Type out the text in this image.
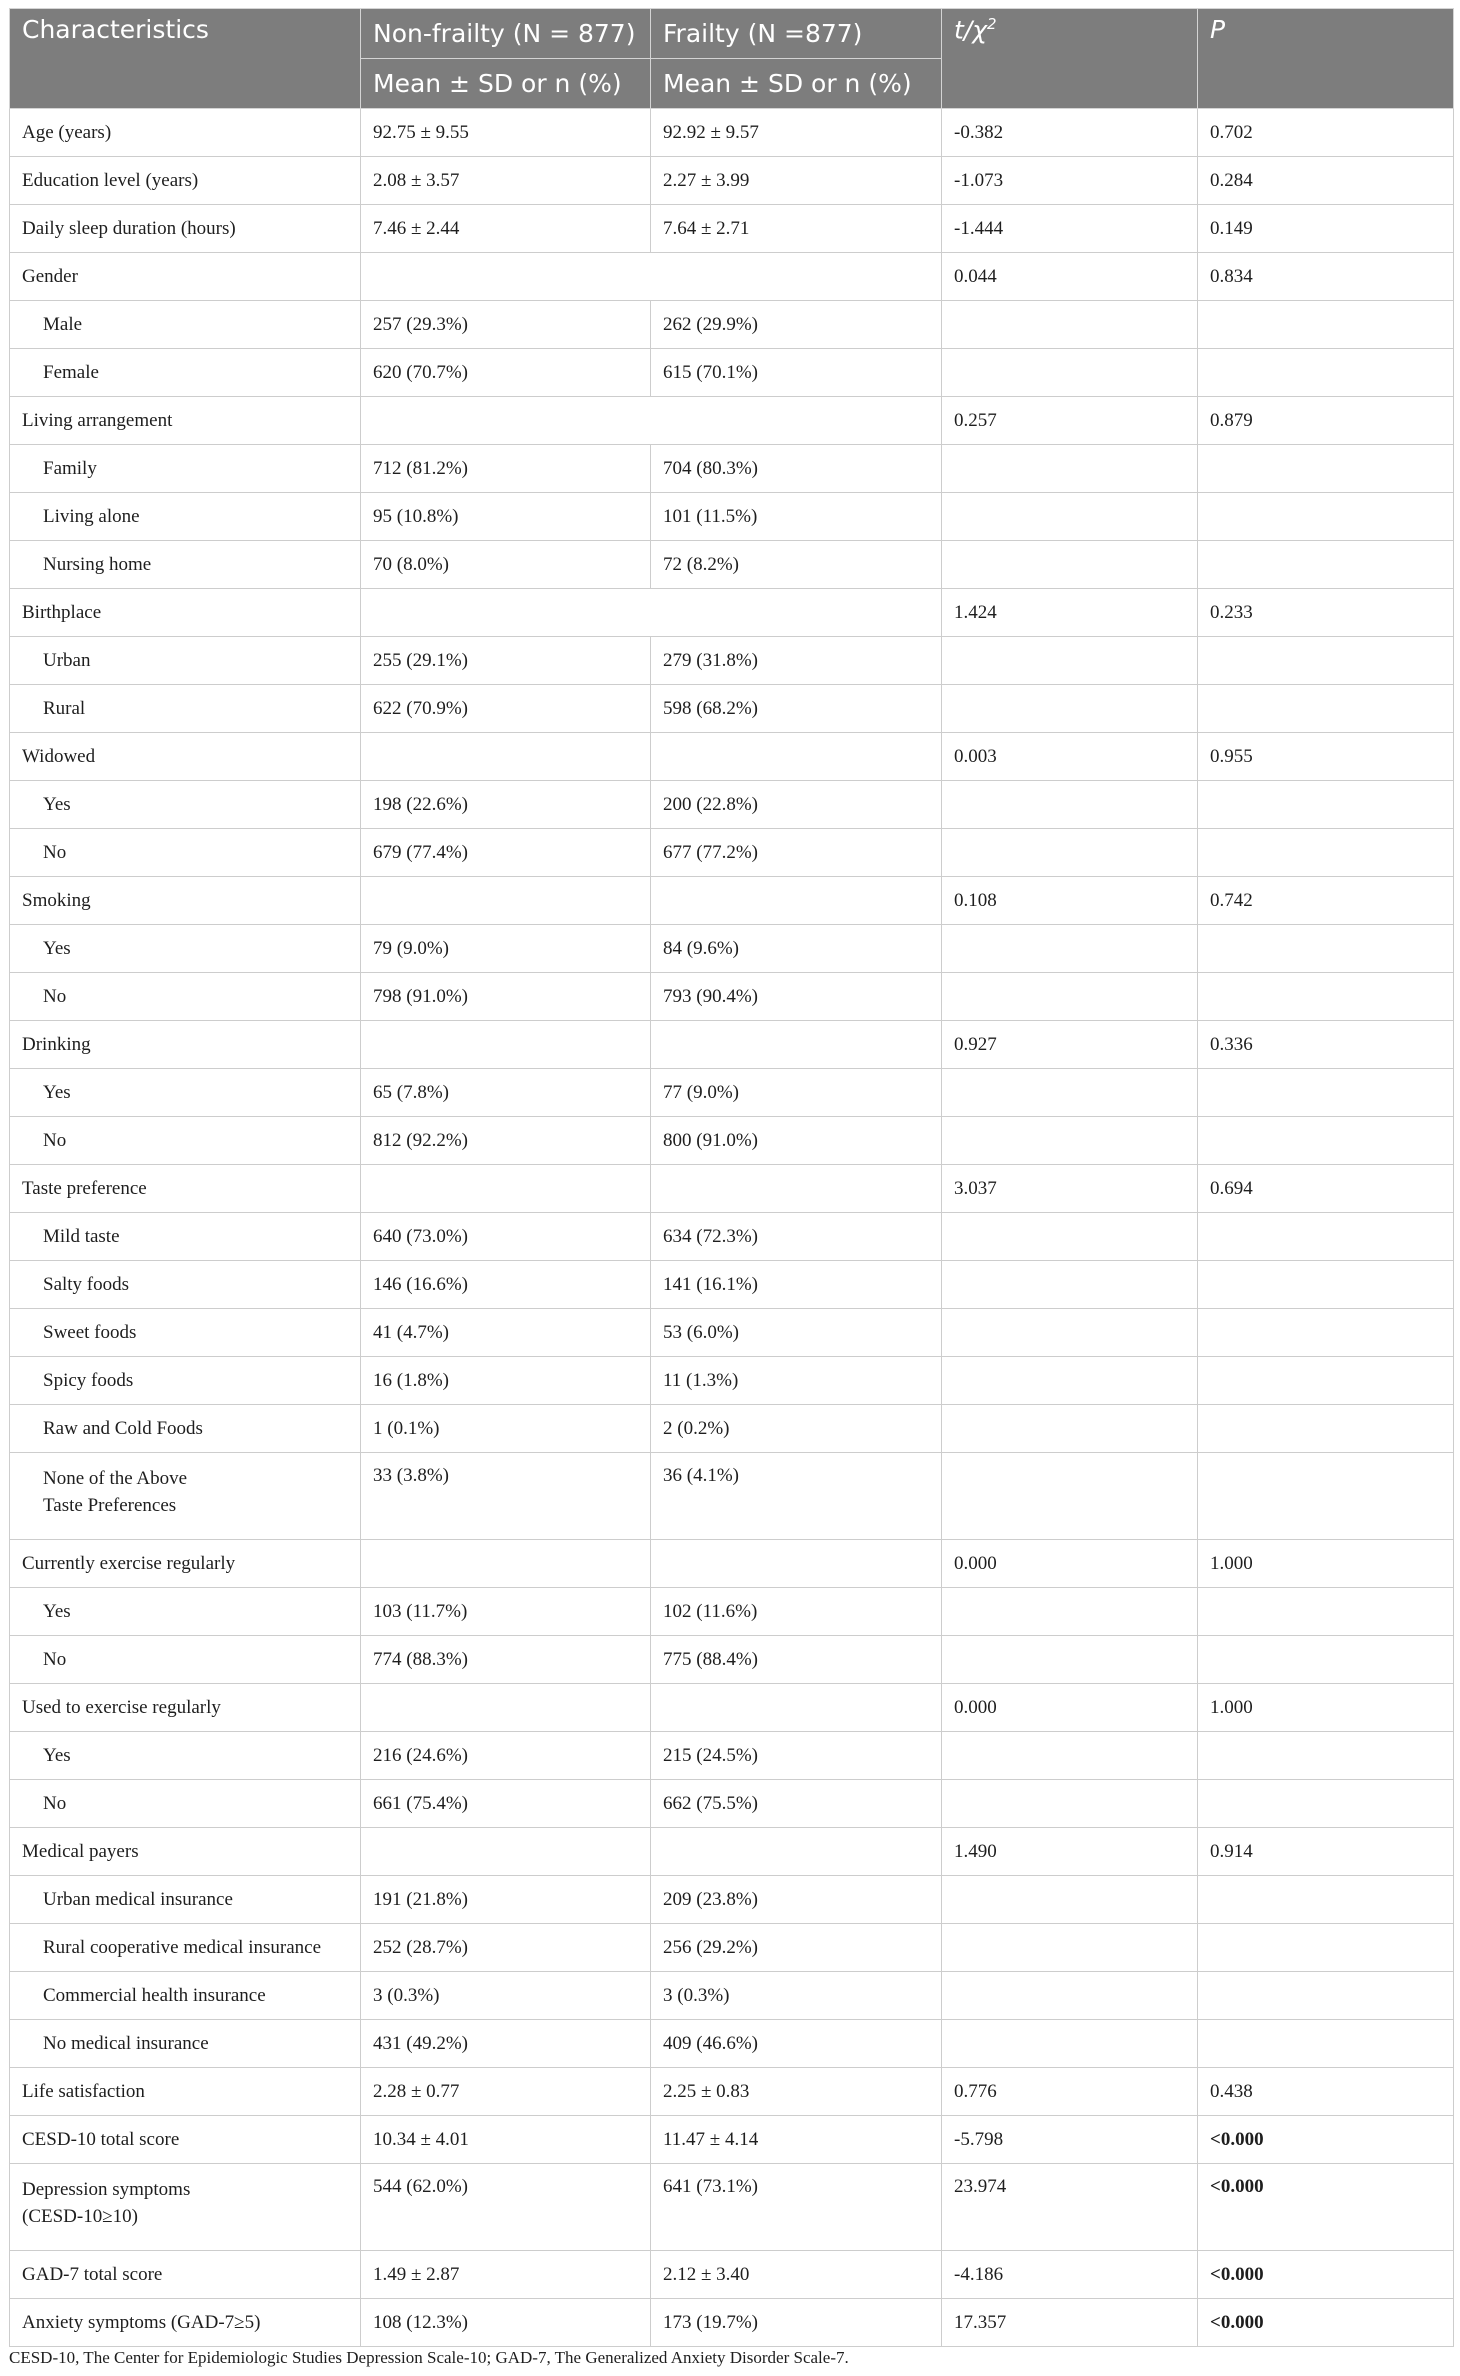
Characteristics	Non-frailty (N = 877)	Frailty (N =877)	$t/\chi^2$	P
	Mean ± SD or n (%)	Mean ± SD or n (%)		
Age (years)	92.75 ± 9.55	92.92 ± 9.57	-0.382	0.702
Education level (years)	2.08 ± 3.57	2.27 ± 3.99	-1.073	0.284
Daily sleep duration (hours)	7.46 ± 2.44	7.64 ± 2.71	-1.444	0.149
Gender			0.044	0.834
Male	257 (29.3%)	262 (29.9%)		
Female	620 (70.7%)	615 (70.1%)		
Living arrangement			0.257	0.879
Family	712 (81.2%)	704 (80.3%)		
Living alone	95 (10.8%)	101 (11.5%)		
Nursing home	70 (8.0%)	72 (8.2%)		
Birthplace			1.424	0.233
Urban	255 (29.1%)	279 (31.8%)		
Rural	622 (70.9%)	598 (68.2%)		
Widowed			0.003	0.955
Yes	198 (22.6%)	200 (22.8%)		
No	679 (77.4%)	677 (77.2%)		
Smoking			0.108	0.742
Yes	79 (9.0%)	84 (9.6%)		
No	798 (91.0%)	793 (90.4%)		
Drinking			0.927	0.336
Yes	65 (7.8%)	77 (9.0%)		
No	812 (92.2%)	800 (91.0%)		
Taste preference			3.037	0.694
Mild taste	640 (73.0%)	634 (72.3%)		
Salty foods	146 (16.6%)	141 (16.1%)		
Sweet foods	41 (4.7%)	53 (6.0%)		
Spicy foods	16 (1.8%)	11 (1.3%)		
Raw and Cold Foods	1 (0.1%)	2 (0.2%)		
None of the Above
Taste Preferences	33 (3.8%)	36 (4.1%)		
Currently exercise regularly			0.000	1.000
Yes	103 (11.7%)	102 (11.6%)		
No	774 (88.3%)	775 (88.4%)		
Used to exercise regularly			0.000	1.000
Yes	216 (24.6%)	215 (24.5%)		
No	661 (75.4%)	662 (75.5%)		
Medical payers			1.490	0.914
Urban medical insurance	191 (21.8%)	209 (23.8%)		
Rural cooperative medical insurance	252 (28.7%)	256 (29.2%)		
Commercial health insurance	3 (0.3%)	3 (0.3%)		
No medical insurance	431 (49.2%)	409 (46.6%)		
Life satisfaction	2.28 ± 0.77	2.25 ± 0.83	0.776	0.438
CESD-10 total score	10.34 ± 4.01	11.47 ± 4.14	-5.798	<0.000
Depression symptoms
(CESD-10≥10)	544 (62.0%)	641 (73.1%)	23.974	<0.000
GAD-7 total score	1.49 ± 2.87	2.12 ± 3.40	-4.186	<0.000
Anxiety symptoms (GAD-7≥5)	108 (12.3%)	173 (19.7%)	17.357	<0.000
CESD-10, The Center for Epidemiologic Studies Depression Scale-10; GAD-7, The Generalized Anxiety Disorder Scale-7.
